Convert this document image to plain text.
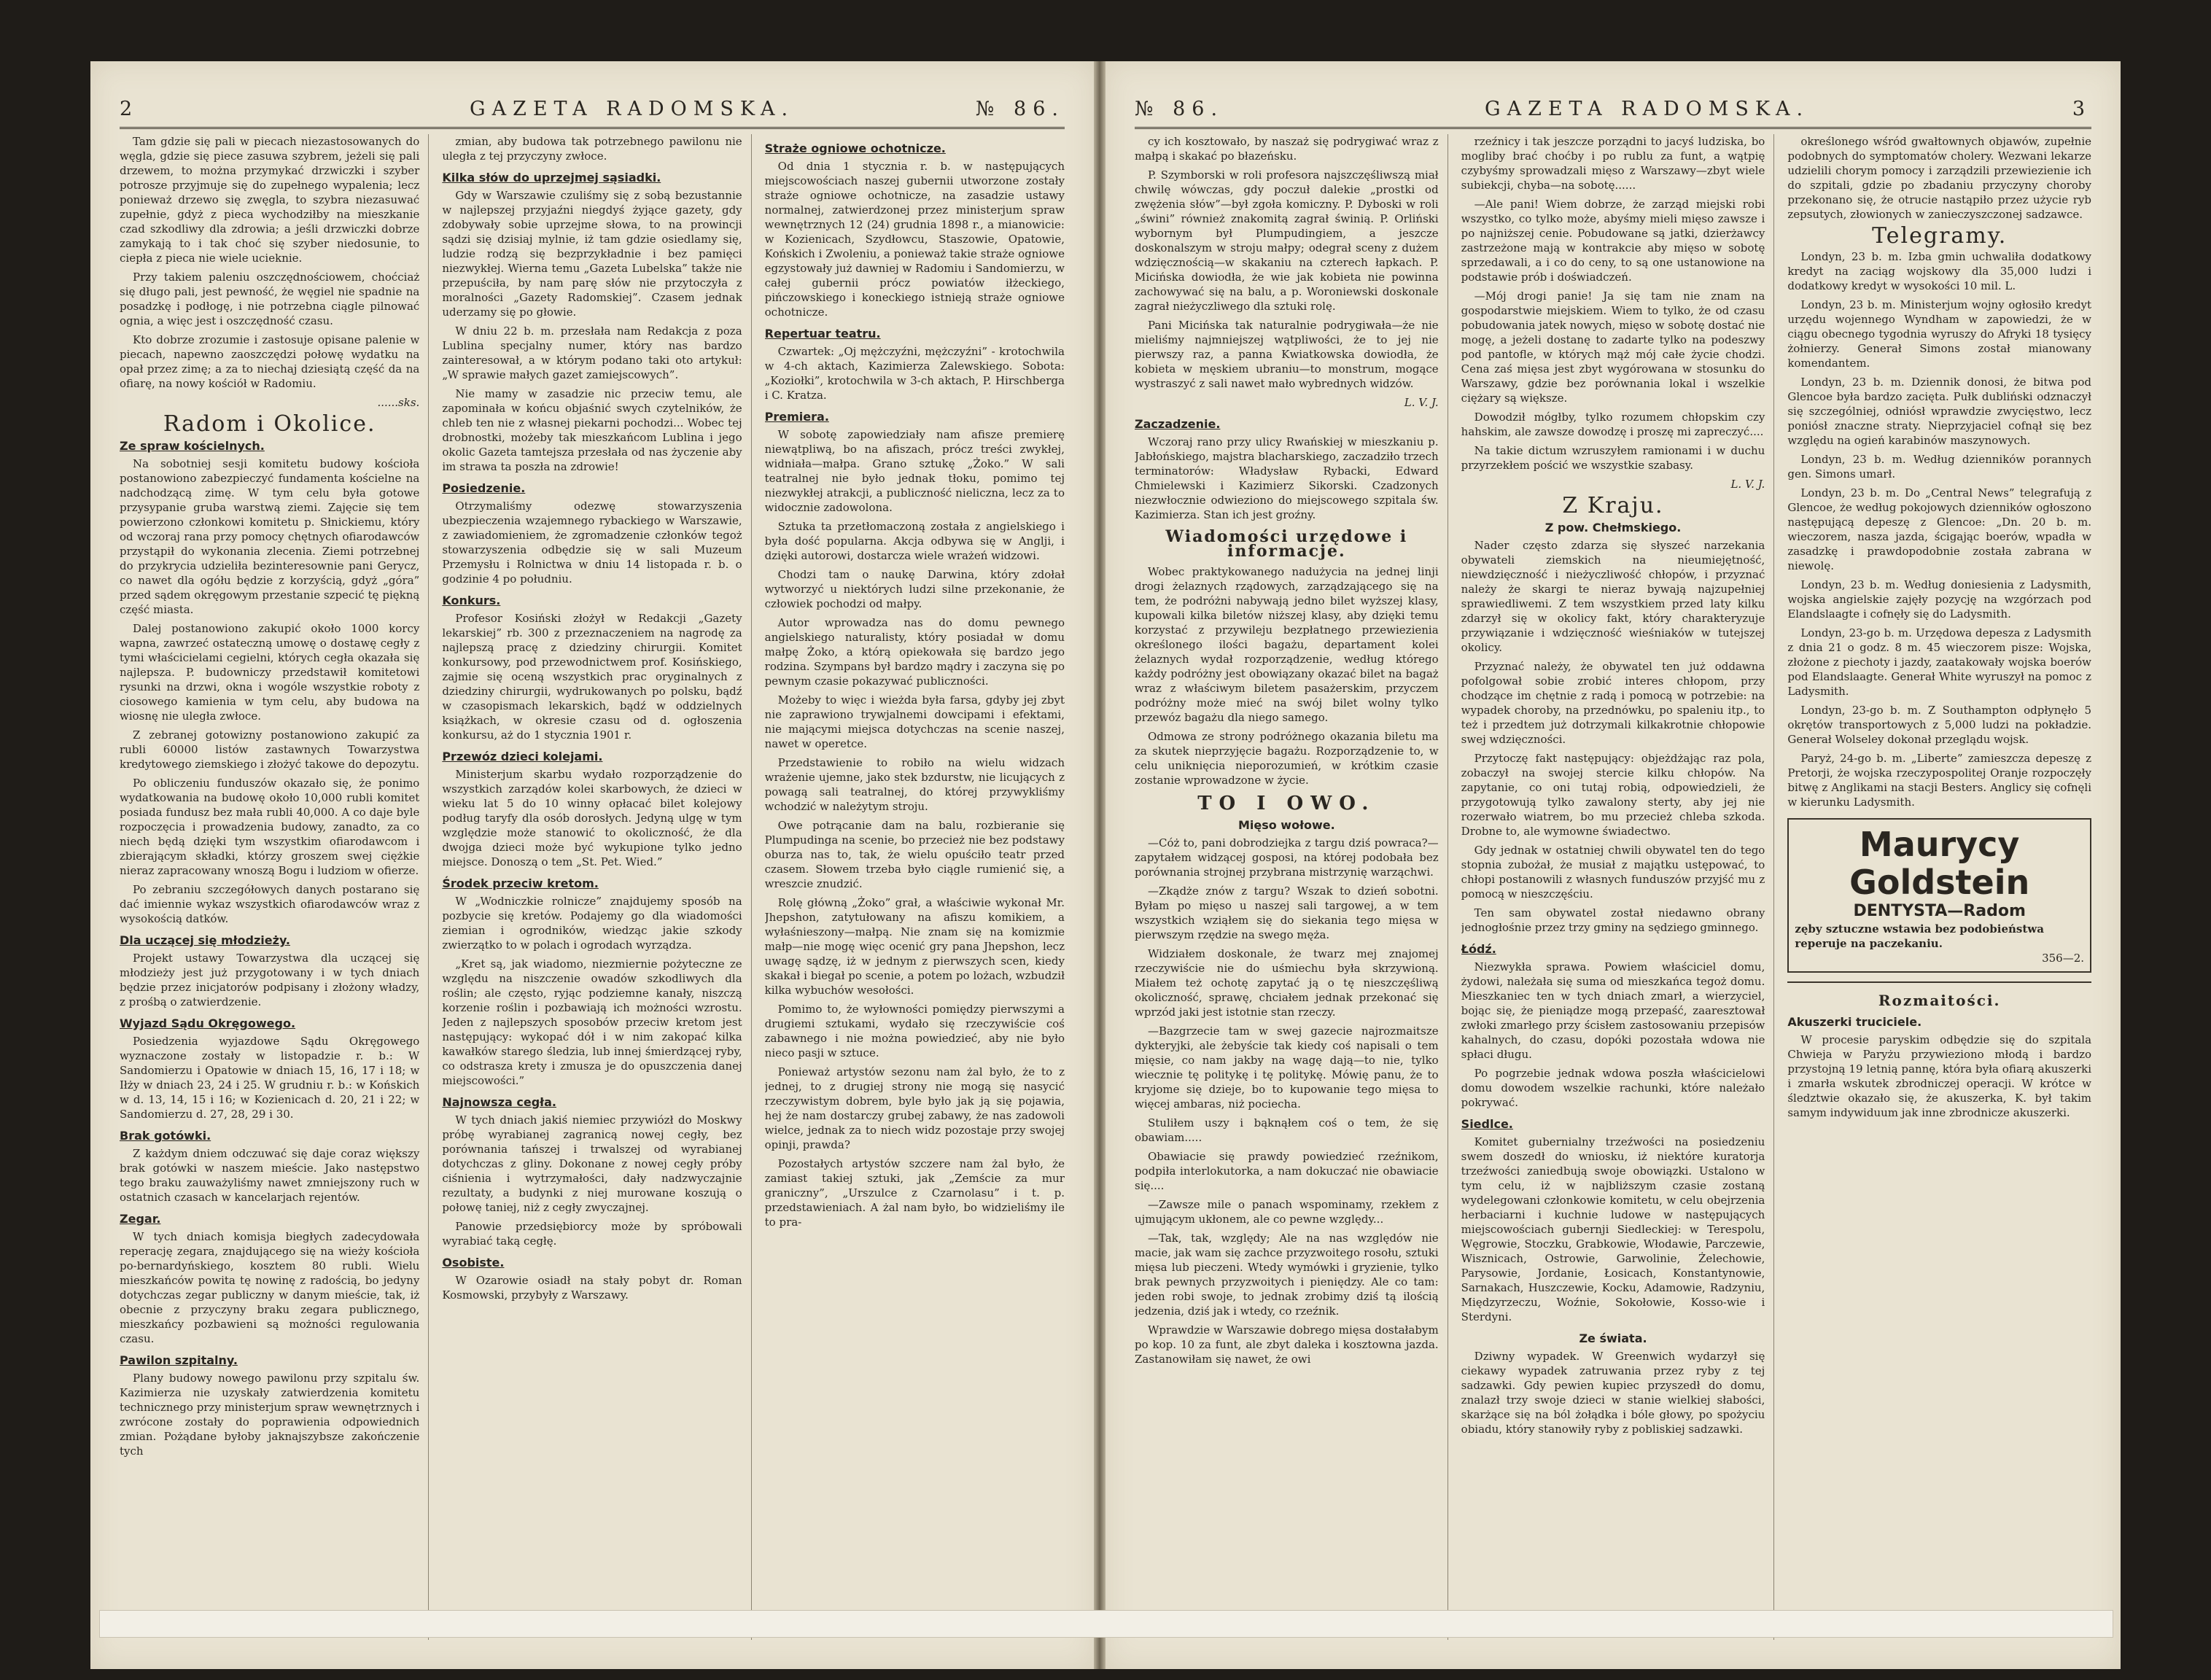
2	GAZETA RADOMSKA.	№ 86.

Tam gdzie się pali w piecach niezastosowanych do węgla, gdzie się piece zasuwa szybrem, jeżeli się pali drzewem, to można przymykać drzwiczki i szyber potrosze przyjmuje się do zupełnego wypalenia; lecz ponieważ drzewo się zwęgla, to szybra niezasuwać zupełnie, gdyż z pieca wychodziłby na mieszkanie czad szkodliwy dla zdrowia; a jeśli drzwiczki dobrze zamykają to i tak choć się szyber niedosunie, to ciepła z pieca nie wiele ucieknie.

Przy takiem paleniu oszczędnościowem, choćciaż się długo pali, jest pewność, że węgiel nie spadnie na posadzkę i podłogę, i nie potrzebna ciągle pilnować ognia, a więc jest i oszczędność czasu.

Kto dobrze zrozumie i zastosuje opisane palenie w piecach, napewno zaoszczędzi połowę wydatku na opał przez zimę; a za to niechaj dziesiątą część da na ofiarę, na nowy kościół w Radomiu.

......sks.
Radom i Okolice.
Ze spraw kościelnych.

Na sobotniej sesji komitetu budowy kościoła postanowiono zabezpieczyć fundamenta kościelne na nadchodzącą zimę. W tym celu była gotowe przysypanie gruba warstwą ziemi. Zajęcie się tem powierzono członkowi komitetu p. Słnickiemu, który od wczoraj rana przy pomocy chętnych ofiarodawców przystąpił do wykonania zlecenia. Ziemi potrzebnej do przykrycia udzieliła bezinteresownie pani Gerycz, co nawet dla ogółu będzie z korzyścią, gdyż „góra” przed sądem okręgowym przestanie szpecić tę piękną część miasta.

Dalej postanowiono zakupić około 1000 korcy wapna, zawrzeć ostateczną umowę o dostawę cegły z tymi właścicielami cegielni, których cegła okazała się najlepsza. P. budowniczy przedstawił komitetowi rysunki na drzwi, okna i wogóle wszystkie roboty z ciosowego kamienia w tym celu, aby budowa na wiosnę nie uległa zwłoce.

Z zebranej gotowizny postanowiono zakupić za rubli 60000 listów zastawnych Towarzystwa kredytowego ziemskiego i złożyć takowe do depozytu.

Po obliczeniu funduszów okazało się, że ponimo wydatkowania na budowę około 10,000 rubli komitet posiada fundusz bez mała rubli 40,000. A co daje byle rozpoczęcia i prowadzenia budowy, zanadto, za co niech będą dzięki tym wszystkim ofiarodawcom i zbierającym składki, którzy groszem swej ciężkie nieraz zapracowany wnoszą Bogu i ludziom w ofierze.

Po zebraniu szczegółowych danych postarano się dać imiennie wykaz wszystkich ofiarodawców wraz z wysokością datków.

Dla uczącej się młodzieży.

Projekt ustawy Towarzystwa dla uczącej się młodzieży jest już przygotowany i w tych dniach będzie przez inicjatorów podpisany i złożony władzy, z prośbą o zatwierdzenie.

Wyjazd Sądu Okręgowego.

Posiedzenia wyjazdowe Sądu Okręgowego wyznaczone zostały w listopadzie r. b.: W Sandomierzu i Opatowie w dniach 15, 16, 17 i 18; w Iłży w dniach 23, 24 i 25. W grudniu r. b.: w Końskich w d. 13, 14, 15 i 16; w Kozienicach d. 20, 21 i 22; w Sandomierzu d. 27, 28, 29 i 30.

Brak gotówki.

Z każdym dniem odczuwać się daje coraz większy brak gotówki w naszem mieście. Jako następstwo tego braku zauważyliśmy nawet zmniejszony ruch w ostatnich czasach w kancelarjach rejentów.

Zegar.

W tych dniach komisja biegłych zadecydowała reperację zegara, znajdującego się na wieży kościoła po-bernardyńskiego, kosztem 80 rubli. Wielu mieszkańców powita tę nowinę z radością, bo jedyny dotychczas zegar publiczny w danym mieście, tak, iż obecnie z przyczyny braku zegara publicznego, mieszkańcy pozbawieni są możności regulowania czasu.

Pawilon szpitalny.

Plany budowy nowego pawilonu przy szpitalu św. Kazimierza nie uzyskały zatwierdzenia komitetu technicznego przy ministerjum spraw wewnętrznych i zwrócone zostały do poprawienia odpowiednich zmian. Pożądane byłoby jaknajszybsze zakończenie tych

zmian, aby budowa tak potrzebnego pawilonu nie uległa z tej przyczyny zwłoce.

Kilka słów do uprzejmej sąsiadki.

Gdy w Warszawie czuliśmy się z sobą bezustannie w najlepszej przyjaźni niegdyś żyjące gazety, gdy zdobywały sobie uprzejme słowa, to na prowincji sądzi się dzisiaj mylnie, iż tam gdzie osiedlamy się, ludzie rodzą się bezprzykładnie i bez pamięci niezwykłej. Wierna temu „Gazeta Lubelska” także nie przepuściła, by nam parę słów nie przytoczyła z moralności „Gazety Radomskiej”. Czasem jednak uderzamy się po głowie.

W dniu 22 b. m. przesłała nam Redakcja z poza Lublina specjalny numer, który nas bardzo zainteresował, a w którym podano taki oto artykuł: „W sprawie małych gazet zamiejscowych”.

Nie mamy w zasadzie nic przeciw temu, ale zapominała w końcu objaśnić swych czytelników, że chleb ten nie z własnej piekarni pochodzi... Wobec tej drobnostki, możeby tak mieszkańcom Lublina i jego okolic Gazeta tamtejsza przesłała od nas życzenie aby im strawa ta poszła na zdrowie!

Posiedzenie.

Otrzymaliśmy odezwę stowarzyszenia ubezpieczenia wzajemnego rybackiego w Warszawie, z zawiadomieniem, że zgromadzenie członków tegoż stowarzyszenia odbędzie się w sali Muzeum Przemysłu i Rolnictwa w dniu 14 listopada r. b. o godzinie 4 po południu.

Konkurs.

Profesor Kosiński złożył w Redakcji „Gazety lekarskiej” rb. 300 z przeznaczeniem na nagrodę za najlepszą pracę z dziedziny chirurgii. Komitet konkursowy, pod przewodnictwem prof. Kosińskiego, zajmie się oceną wszystkich prac oryginalnych z dziedziny chirurgii, wydrukowanych po polsku, bądź w czasopismach lekarskich, bądź w oddzielnych książkach, w okresie czasu od d. ogłoszenia konkursu, aż do 1 stycznia 1901 r.

Przewóz dzieci kolejami.

Ministerjum skarbu wydało rozporządzenie do wszystkich zarządów kolei skarbowych, że dzieci w wieku lat 5 do 10 winny opłacać bilet kolejowy podług taryfy dla osób dorosłych. Jedyną ulgę w tym względzie może stanowić to okoliczność, że dla dwojga dzieci może być wykupione tylko jedno miejsce. Donoszą o tem „St. Pet. Wied.”

Środek przeciw kretom.

W „Wodniczkie rolnicze” znajdujemy sposób na pozbycie się kretów. Podajemy go dla wiadomości ziemian i ogrodników, wiedząc jakie szkody zwierzątko to w polach i ogrodach wyrządza.

„Kret są, jak wiadomo, niezmiernie pożyteczne ze względu na niszczenie owadów szkodliwych dla roślin; ale często, ryjąc podziemne kanały, niszczą korzenie roślin i pozbawiają ich możności wzrostu. Jeden z najlepszych sposobów przeciw kretom jest następujący: wykopać dół i w nim zakopać kilka kawałków starego śledzia, lub innej śmierdzącej ryby, co odstrasza krety i zmusza je do opuszczenia danej miejscowości.”

Najnowsza cegła.

W tych dniach jakiś niemiec przywiózł do Moskwy próbę wyrabianej zagranicą nowej cegły, bez porównania tańszej i trwalszej od wyrabianej dotychczas z gliny. Dokonane z nowej cegły próby ciśnienia i wytrzymałości, dały nadzwyczajnie rezultaty, a budynki z niej murowane koszują o połowę taniej, niż z cegły zwyczajnej.

Panowie przedsiębiorcy może by spróbowali wyrabiać taką cegłę.

Osobiste.

W Ozarowie osiadł na stały pobyt dr. Roman Kosmowski, przybyły z Warszawy.

Straże ogniowe ochotnicze.

Od dnia 1 stycznia r. b. w następujących miejscowościach naszej gubernii utworzone zostały straże ogniowe ochotnicze, na zasadzie ustawy normalnej, zatwierdzonej przez ministerjum spraw wewnętrznych 12 (24) grudnia 1898 r., a mianowicie: w Kozienicach, Szydłowcu, Staszowie, Opatowie, Końskich i Zwoleniu, a ponieważ takie straże ogniowe egzystowały już dawniej w Radomiu i Sandomierzu, w całej gubernii prócz powiatów iłżeckiego, pińczowskiego i koneckiego istnieją straże ogniowe ochotnicze.

Repertuar teatru.

Czwartek: „Oj mężczyźni, mężczyźni” - krotochwila w 4-ch aktach, Kazimierza Zalewskiego. Sobota: „Koziołki”, krotochwila w 3-ch aktach, P. Hirschberga i C. Kratza.

Premiera.

W sobotę zapowiedziały nam afisze premierę niewątpliwą, bo na afiszach, prócz treści zwykłej, widniała—małpa. Grano sztukę „Żoko.” W sali teatralnej nie było jednak tłoku, pomimo tej niezwykłej atrakcji, a publiczność nieliczna, lecz za to widocznie zadowolona.

Sztuka ta przetłomaczoną została z angielskiego i była dość popularna. Akcja odbywa się w Anglji, i dzięki autorowi, dostarcza wiele wrażeń widzowi.

Chodzi tam o naukę Darwina, który zdołał wytworzyć u niektórych ludzi silne przekonanie, że człowiek pochodzi od małpy.

Autor wprowadza nas do domu pewnego angielskiego naturalisty, który posiadał w domu małpę Żoko, a którą opiekowała się bardzo jego rodzina. Szympans był bardzo mądry i zaczyna się po pewnym czasie pokazywać publiczności.

Możeby to więc i wieżda była farsa, gdyby jej zbyt nie zaprawiono trywjalnemi dowcipami i efektami, nie mającymi miejsca dotychczas na scenie naszej, nawet w operetce.

Przedstawienie to robiło na wielu widzach wrażenie ujemne, jako stek bzdurstw, nie licujących z powagą sali teatralnej, do której przywykliśmy wchodzić w należytym stroju.

Owe potrącanie dam na balu, rozbieranie się Plumpudinga na scenie, bo przecież nie bez podstawy oburza nas to, tak, że wielu opuściło teatr przed czasem. Słowem trzeba było ciągle rumienić się, a wreszcie znudzić.

Rolę główną „Żoko” grał, a właściwie wykonał Mr. Jhepshon, zatytułowany na afiszu komikiem, a wyłaśnieszony—małpą. Nie znam się na komizmie małp—nie mogę więc ocenić gry pana Jhepshon, lecz uwagę sądzę, iż w jednym z pierwszych scen, kiedy skakał i biegał po scenie, a potem po lożach, wzbudził kilka wybuchów wesołości.

Pomimo to, że wyłowności pomiędzy pierwszymi a drugiemi sztukami, wydało się rzeczywiście coś zabawnego i nie można powiedzieć, aby nie było nieco pasji w sztuce.

Ponieważ artystów sezonu nam żal było, że to z jednej, to z drugiej strony nie mogą się nasycić rzeczywistym dobrem, byle było jak ją się pojawia, hej że nam dostarczy grubej zabawy, że nas zadowoli wielce, jednak za to niech widz pozostaje przy swojej opinji, prawda?

Pozostałych artystów szczere nam żal było, że zamiast takiej sztuki, jak „Zemście za mur graniczny”, „Urszulce z Czarnolasu” i t. p. przedstawieniach. A żal nam było, bo widzieliśmy ile to pra-

№ 86.	GAZETA RADOMSKA.	3

cy ich kosztowało, by naszaż się podrygiwać wraz z małpą i skakać po błazeńsku.

P. Szymborski w roli profesora najszczęśliwszą miał chwilę wówczas, gdy poczuł dalekie „prostki od zwężenia słów”—był zgoła komiczny. P. Dyboski w roli „świni” również znakomitą zagrał świnią. P. Orliński wybornym był Plumpudingiem, a jeszcze doskonalszym w stroju małpy; odegrał sceny z dużem wdzięcznością—w skakaniu na czterech łapkach. P. Micińska dowiodła, że wie jak kobieta nie powinna zachowywać się na balu, a p. Woroniewski doskonale zagrał nieżyczliwego dla sztuki rolę.

Pani Micińska tak naturalnie podrygiwała—że nie mieliśmy najmniejszej wątpliwości, że to jej nie pierwszy raz, a panna Kwiatkowska dowiodła, że kobieta w męskiem ubraniu—to monstrum, mogące wystraszyć z sali nawet mało wybrednych widzów.

L. V. J.
Zaczadzenie.

Wczoraj rano przy ulicy Rwańskiej w mieszkaniu p. Jabłońskiego, majstra blacharskiego, zaczadziło trzech terminatorów: Władysław Rybacki, Edward Chmielewski i Kazimierz Sikorski. Czadzonych niezwłocznie odwieziono do miejscowego szpitala św. Kazimierza. Stan ich jest groźny.

Wiadomości urzędowe i informacje.

Wobec praktykowanego nadużycia na jednej linji drogi żelaznych rządowych, zarządzającego się na tem, że podróżni nabywają jedno bilet wyższej klasy, kupowali kilka biletów niższej klasy, aby dzięki temu korzystać z przywileju bezpłatnego przewiezienia określonego ilości bagażu, departament kolei żelaznych wydał rozporządzenie, według którego każdy podróżny jest obowiązany okazać bilet na bagaż wraz z właściwym biletem pasażerskim, przyczem podróżny może mieć na swój bilet wolny tylko przewóz bagażu dla niego samego.

Odmowa ze strony podróżnego okazania biletu ma za skutek nieprzyjęcie bagażu. Rozporządzenie to, w celu uniknięcia nieporozumień, w krótkim czasie zostanie wprowadzone w życie.

TO I OWO.
Mięso wołowe.

—Cóż to, pani dobrodziejka z targu dziś powraca?—zapytałem widzącej gosposi, na której podobała bez porównania strojnej przybrana mistrzynię warząchwi.

—Zkądże znów z targu? Wszak to dzień sobotni. Byłam po mięso u naszej sali targowej, a w tem wszystkich wziąłem się do siekania tego mięsa w pierwszym rzędzie na swego męża.

Widziałem doskonale, że twarz mej znajomej rzeczywiście nie do uśmiechu była skrzywioną. Miałem też ochotę zapytać ją o tę nieszczęśliwą okoliczność, sprawę, chciałem jednak przekonać się wprzód jaki jest istotnie stan rzeczy.

—Bazgrzecie tam w swej gazecie najrozmaitsze dykteryjki, ale żebyście tak kiedy coś napisali o tem mięsie, co nam jakby na wagę dają—to nie, tylko wiecznie tę politykę i tę politykę. Mówię panu, że to kryjome się dzieje, bo to kupowanie tego mięsa to więcej ambaras, niż pociecha.

Stuliłem uszy i bąknąłem coś o tem, że się obawiam.....

Obawiacie się prawdy powiedzieć rzeźnikom, podpiła interlokutorka, a nam dokuczać nie obawiacie się....

—Zawsze mile o panach wspominamy, rzekłem z ujmującym ukłonem, ale co pewne względy...

—Tak, tak, względy; Ale na nas względów nie macie, jak wam się zachce przyzwoitego rosołu, sztuki mięsa lub pieczeni. Wtedy wymówki i gryzienie, tylko brak pewnych przyzwoitych i pieniędzy. Ale co tam: jeden robi swoje, to jednak zrobimy dziś tą ilością jedzenia, dziś jak i wtedy, co rzeźnik.

Wprawdzie w Warszawie dobrego mięsa dostałabym po kop. 10 za funt, ale zbyt daleka i kosztowna jazda. Zastanowiłam się nawet, że owi

rzeźnicy i tak jeszcze porządni to jacyś ludziska, bo mogliby brać choćby i po rublu za funt, a wątpię czybyśmy sprowadzali mięso z Warszawy—zbyt wiele subiekcji, chyba—na sobotę......

—Ale pani! Wiem dobrze, że zarząd miejski robi wszystko, co tylko może, abyśmy mieli mięso zawsze i po najniższej cenie. Pobudowane są jatki, dzierżawcy zastrzeżone mają w kontrakcie aby mięso w sobotę sprzedawali, a i co do ceny, to są one ustanowione na podstawie prób i doświadczeń.

—Mój drogi panie! Ja się tam nie znam na gospodarstwie miejskiem. Wiem to tylko, że od czasu pobudowania jatek nowych, mięso w sobotę dostać nie mogę, a jeżeli dostanę to zadarte tylko na podeszwy pod pantofle, w których mąż mój całe życie chodzi. Cena zaś mięsa jest zbyt wygórowana w stosunku do Warszawy, gdzie bez porównania lokal i wszelkie ciężary są większe.

Dowodził mógłby, tylko rozumem chłopskim czy hahskim, ale zawsze dowodzę i proszę mi zapreczyć....

Na takie dictum wzruszyłem ramionami i w duchu przyrzekłem pościć we wszystkie szabasy.

L. V. J.
Z Kraju.
Z pow. Chełmskiego.

Nader często zdarza się słyszeć narzekania obywateli ziemskich na nieumiejętność, niewdzięczność i nieżyczliwość chłopów, i przyznać należy że skargi te nieraz bywają najzupełniej sprawiedliwemi. Z tem wszystkiem przed laty kilku zdarzył się w okolicy fakt, który charakteryzuje przywiązanie i wdzięczność wieśniaków w tutejszej okolicy.

Przyznać należy, że obywatel ten już oddawna pofolgował sobie zrobić interes chłopom, przy chodzące im chętnie z radą i pomocą w potrzebie: na wypadek choroby, na przednówku, po spaleniu itp., to też i przedtem już dotrzymali kilkakrotnie chłopowie swej wdzięczności.

Przytoczę fakt następujący: objeżdżając raz pola, zobaczył na swojej stercie kilku chłopów. Na zapytanie, co oni tutaj robią, odpowiedzieli, że przygotowują tylko zawalony sterty, aby jej nie rozerwało wiatrem, bo mu przecież chleba szkoda. Drobne to, ale wymowne świadectwo.

Gdy jednak w ostatniej chwili obywatel ten do tego stopnia zubożał, że musiał z majątku ustępować, to chłopi postanowili z własnych funduszów przyjść mu z pomocą w nieszczęściu.

Ten sam obywatel został niedawno obrany jednogłośnie przez trzy gminy na sędziego gminnego.

Łódź.

Niezwykła sprawa. Powiem właściciel domu, żydowi, należała się suma od mieszkańca tegoż domu. Mieszkaniec ten w tych dniach zmarł, a wierzyciel, bojąc się, że pieniądze mogą przepaść, zaaresztował zwłoki zmarłego przy ścisłem zastosowaniu przepisów kahalnych, do czasu, dopóki pozostała wdowa nie spłaci długu.

Po pogrzebie jednak wdowa poszła właścicielowi domu dowodem wszelkie rachunki, które należało pokrywać.

Siedlce.

Komitet gubernialny trzeźwości na posiedzeniu swem doszedł do wniosku, iż niektóre kuratorja trzeźwości zaniedbują swoje obowiązki. Ustalono w tym celu, iż w najbliższym czasie zostaną wydelegowani członkowie komitetu, w celu obejrzenia herbaciarni i kuchnie ludowe w następujących miejscowościach gubernji Siedleckiej: w Terespolu, Węgrowie, Stoczku, Grabkowie, Włodawie, Parczewie, Wisznicach, Ostrowie, Garwolinie, Żelechowie, Parysowie, Jordanie, Łosicach, Konstantynowie, Sarnakach, Huszczewie, Kocku, Adamowie, Radzyniu, Międzyrzeczu, Woźnie, Sokołowie, Kosso-wie i Sterdyni.

Ze świata.

Dziwny wypadek. W Greenwich wydarzył się ciekawy wypadek zatruwania przez ryby z tej sadzawki. Gdy pewien kupiec przyszedł do domu, znalazł trzy swoje dzieci w stanie wielkiej słabości, skarżące się na ból żołądka i bóle głowy, po spożyciu obiadu, który stanowiły ryby z pobliskiej sadzawki.

określonego wśród gwałtownych objawów, zupełnie podobnych do symptomatów cholery. Wezwani lekarze udzielili chorym pomocy i zarządzili przewiezienie ich do szpitali, gdzie po zbadaniu przyczyny choroby przekonano się, że otrucie nastąpiło przez użycie ryb zepsutych, złowionych w zanieczyszczonej sadzawce.

Telegramy.

Londyn, 23 b. m. Izba gmin uchwaliła dodatkowy kredyt na zaciąg wojskowy dla 35,000 ludzi i dodatkowy kredyt w wysokości 10 mil. L.

Londyn, 23 b. m. Ministerjum wojny ogłosiło kredyt urzędu wojennego Wyndham w zapowiedzi, że w ciągu obecnego tygodnia wyruszy do Afryki 18 tysięcy żołnierzy. Generał Simons został mianowany komendantem.

Londyn, 23 b. m. Dziennik donosi, że bitwa pod Glencoe była bardzo zacięta. Pułk dubliński odznaczył się szczególniej, odniósł wprawdzie zwycięstwo, lecz poniósł znaczne straty. Nieprzyjaciel cofnął się bez względu na ogień karabinów maszynowych.

Londyn, 23 b. m. Według dzienników porannych gen. Simons umarł.

Londyn, 23 b. m. Do „Central News” telegrafują z Glencoe, że według pokojowych dzienników ogłoszono następującą depeszę z Glencoe: „Dn. 20 b. m. wieczorem, nasza jazda, ścigając boerów, wpadła w zasadzkę i prawdopodobnie została zabrana w niewolę.

Londyn, 23 b. m. Według doniesienia z Ladysmith, wojska angielskie zajęły pozycję na wzgórzach pod Elandslaagte i cofnęły się do Ladysmith.

Londyn, 23-go b. m. Urzędowa depesza z Ladysmith z dnia 21 o godz. 8 m. 45 wieczorem pisze: Wojska, złożone z piechoty i jazdy, zaatakowały wojska boerów pod Elandslaagte. Generał White wyruszył na pomoc z Ladysmith.

Londyn, 23-go b. m. Z Southampton odpłynęło 5 okrętów transportowych z 5,000 ludzi na pokładzie. Generał Wolseley dokonał przeglądu wojsk.

Paryż, 24-go b. m. „Liberte” zamieszcza depeszę z Pretorji, że wojska rzeczypospolitej Oranje rozpoczęły bitwę z Anglikami na stacji Besters. Anglicy się cofnęli w kierunku Ladysmith.

Maurycy Goldstein
DENTYSTA—Radom
zęby sztuczne wstawia bez podobieństwa reperuje na paczekaniu.
356—2.
Rozmaitości.
Akuszerki truciciele.

W procesie paryskim odbędzie się do szpitala Chwieja w Paryżu przywieziono młodą i bardzo przystojną 19 letnią pannę, która była ofiarą akuszerki i zmarła wskutek zbrodniczej operacji. W krótce w śledztwie okazało się, że akuszerka, K. był takim samym indywiduum jak inne zbrodnicze akuszerki.
